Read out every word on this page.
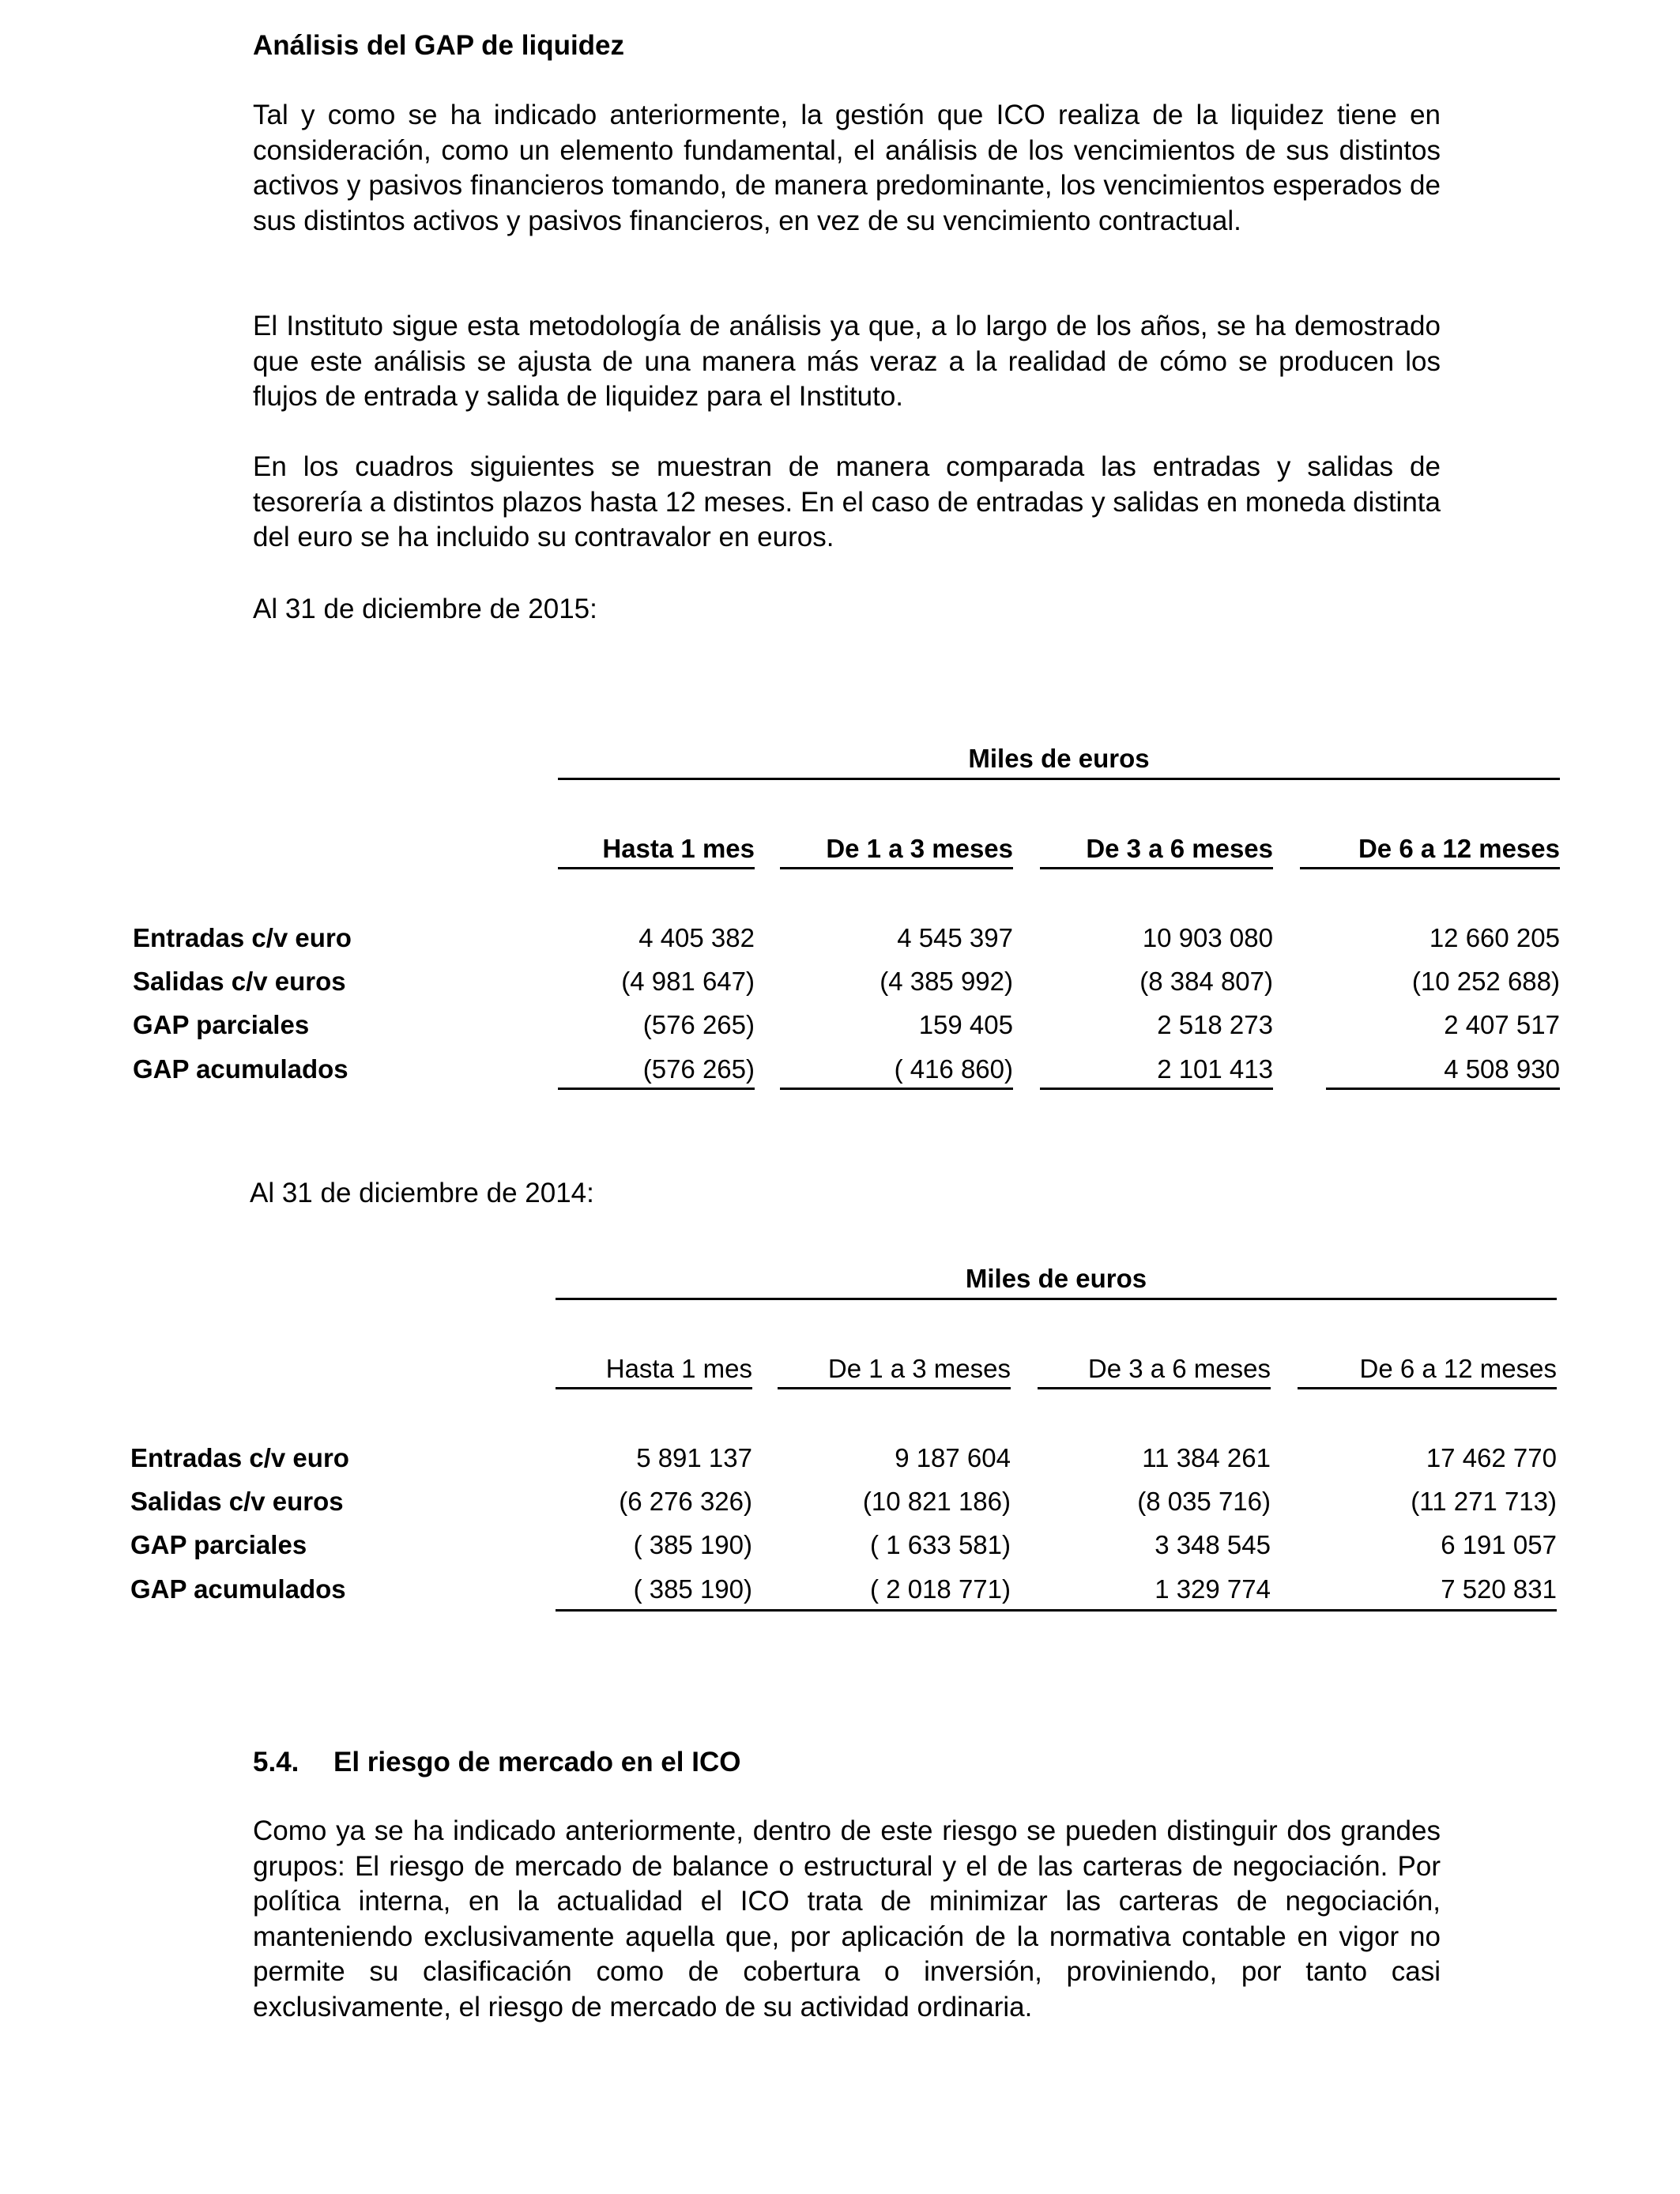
Análisis del GAP de liquidez

Tal y como se ha indicado anteriormente, la gestión que ICO realiza de la liquidez tiene en consideración, como un elemento fundamental, el análisis de los vencimientos de sus distintos activos y pasivos financieros tomando, de manera predominante, los vencimientos esperados de sus distintos activos y pasivos financieros, en vez de su vencimiento contractual.

El Instituto sigue esta metodología de análisis ya que, a lo largo de los años, se ha demostrado que este análisis se ajusta de una manera más veraz a la realidad de cómo se producen los flujos de entrada y salida de liquidez para el Instituto.

En los cuadros siguientes se muestran de manera comparada las entradas y salidas de tesorería a distintos plazos hasta 12 meses. En el caso de entradas y salidas en moneda distinta del euro se ha incluido su contravalor en euros.

Al 31 de diciembre de 2015:

Miles de euros
Hasta 1 mes	De 1 a 3 meses	De 3 a 6 meses	De 6 a 12 meses
Entradas c/v euro	4 405 382	4 545 397	10 903 080	12 660 205
Salidas c/v euros	(4 981 647)	(4 385 992)	(8 384 807)	(10 252 688)
GAP parciales	(576 265)	159 405	2 518 273	2 407 517
GAP acumulados	(576 265)	( 416 860)	2 101 413	4 508 930

Al 31 de diciembre de 2014:

Miles de euros
Hasta 1 mes	De 1 a 3 meses	De 3 a 6 meses	De 6 a 12 meses
Entradas c/v euro	5 891 137	9 187 604	11 384 261	17 462 770
Salidas c/v euros	(6 276 326)	(10 821 186)	(8 035 716)	(11 271 713)
GAP parciales	( 385 190)	( 1 633 581)	3 348 545	6 191 057
GAP acumulados	( 385 190)	( 2 018 771)	1 329 774	7 520 831
5.4. El riesgo de mercado en el ICO

Como ya se ha indicado anteriormente, dentro de este riesgo se pueden distinguir dos grandes grupos: El riesgo de mercado de balance o estructural y el de las carteras de negociación. Por política interna, en la actualidad el ICO trata de minimizar las carteras de negociación, manteniendo exclusivamente aquella que, por aplicación de la normativa contable en vigor no permite su clasificación como de cobertura o inversión, proviniendo, por tanto casi exclusivamente, el riesgo de mercado de su actividad ordinaria.
